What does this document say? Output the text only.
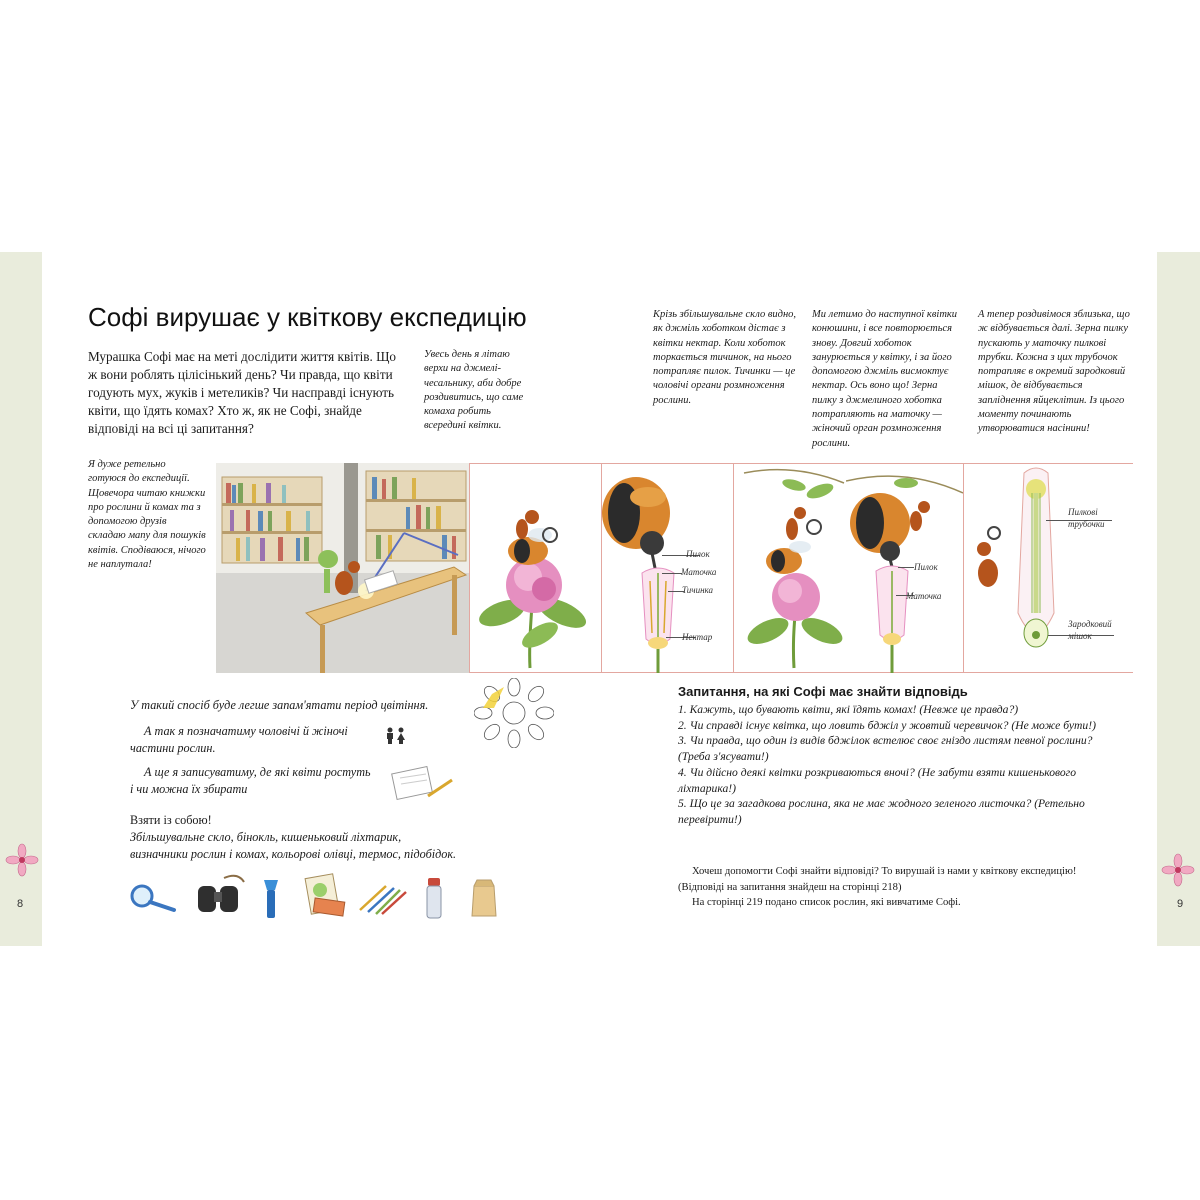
8	9
Софі вирушає у квіткову експедицію
Мурашка Софі має на меті дослідити життя квітів. Що ж вони роблять цілісінький день? Чи правда, що квіти годують мух, жуків і метеликів? Чи насправді існують квіти, що їдять комах? Хто ж, як не Софі, знайде відповіді на всі ці запитання?
Увесь день я літаю верхи на джмелі-чесальнику, аби добре роздивитись, що саме комаха робить всередині квітки.
Я дуже ретельно готуюся до експедиції. Щовечора читаю книжки про рослини й комах та з допомогою друзів складаю мапу для пошуків квітів. Сподіваюся, нічого не наплутала!
Крізь збільшувальне скло видно, як джміль хоботком дістає з квітки нектар. Коли хоботок торкається тичинок, на нього потрапляє пилок. Тичинки — це чоловічі органи розмноження рослини.
Ми летимо до наступної квітки конюшини, і все повторюється знову. Довгий хоботок занурюється у квітку, і за його допомогою джміль висмоктує нектар. Ось воно що! Зерна пилку з джмелиного хоботка потрапляють на маточку — жіночий орган розмноження рослини.
А тепер роздивімося зблизька, що ж відбувається далі. Зерна пилку пускають у маточку пилкові трубки. Кожна з цих трубочок потрапляє в окремий зародковий мішок, де відбувається запліднення яйцеклітин. Із цього моменту починають утворюватися насінини!
Пилок
Маточка
Тичинка
Нектар
Пилок
Маточка
Пилкові трубочки
Зародковий мішок
У такий спосіб буде легше запам'ятати період цвітіння.
А так я позначатиму чоловічі й жіночі частини рослин.
А ще я записуватиму, де які квіти ростуть і чи можна їх збирати
Взяти із собою!
Збільшувальне скло, бінокль, кишеньковий ліхтарик, визначники рослин і комах, кольорові олівці, термос, підобідок.
Запитання, на які Софі має знайти відповідь
1. Кажуть, що бувають квіти, які їдять комах! (Невже це правда?)
2. Чи справді існує квітка, що ловить бджіл у жовтий черевичок? (Не може бути!)
3. Чи правда, що один із видів бджілок встелює своє гніздо листям певної рослини? (Треба з'ясувати!)
4. Чи дійсно деякі квітки розкриваються вночі? (Не забути взяти кишенькового ліхтарика!)
5. Що це за загадкова рослина, яка не має жодного зеленого листочка? (Ретельно перевірити!)

Хочеш допомогти Софі знайти відповіді? То вирушай із нами у квіткову експедицію! (Відповіді на запитання знайдеш на сторінці 218)

На сторінці 219 подано список рослин, які вивчатиме Софі.
